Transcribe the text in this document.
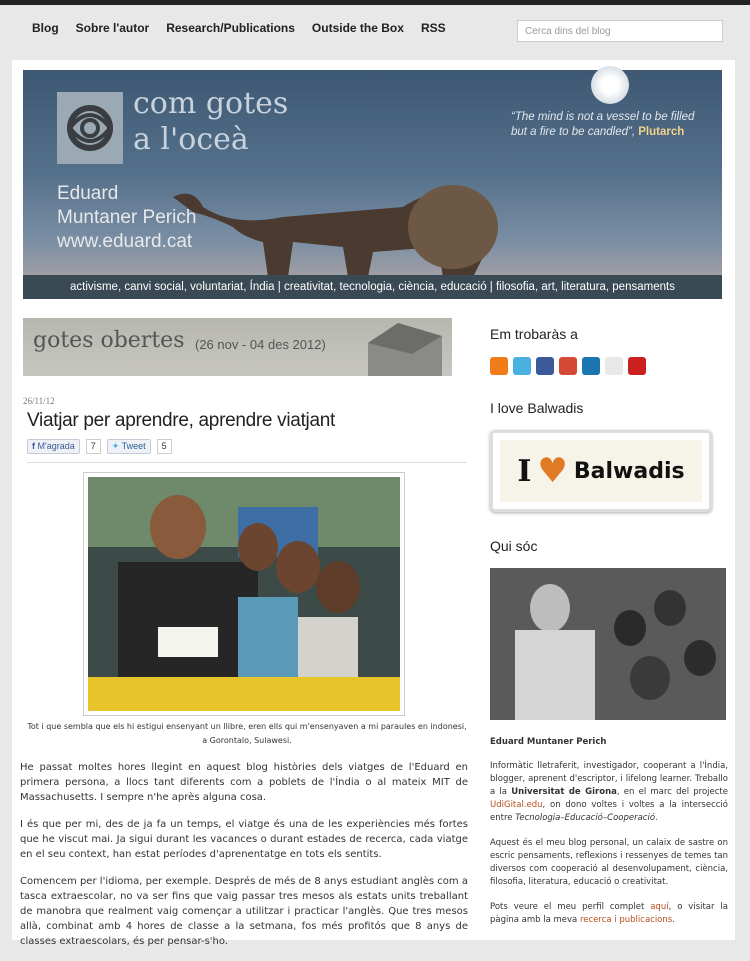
Blog Sobre l'autor Research/Publications Outside the Box RSS
Cerca dins del blog
com gotes
a l'oceà
Eduard
Muntaner Perich
www.eduard.cat
“The mind is not a vessel to be filled but a fire to be candled”, Plutarch
activisme, canvi social, voluntariat, Índia | creativitat, tecnologia, ciència, educació | filosofia, art, literatura, pensaments
gotes obertes (26 nov - 04 des 2012)
26/11/12
Viatjar per aprendre, aprendre viatjant
f M'agrada	7	✦ Tweet	5
Tot i que sembla que els hi estigui ensenyant un llibre, eren ells qui m'ensenyaven a mi paraules en indonesi, a Gorontalo, Sulawesi.

He passat moltes hores llegint en aquest blog històries dels viatges de l'Eduard en primera persona, a llocs tant diferents com a poblets de l'Índia o al mateix MIT de Massachusetts. I sempre n'he après alguna cosa.

I és que per mi, des de ja fa un temps, el viatge és una de les experiències més fortes que he viscut mai. Ja sigui durant les vacances o durant estades de recerca, cada viatge en el seu context, han estat períodes d'aprenentatge en tots els sentits.

Comencem per l'idioma, per exemple. Després de més de 8 anys estudiant anglès com a tasca extraescolar, no va ser fins que vaig passar tres mesos als estats units treballant de manobra que realment vaig començar a utilitzar i practicar l'anglès. Que tres mesos allà, combinat amb 4 hores de classe a la setmana, fos més profitós que 8 anys de classes extraescolars, és per pensar-s'ho.

Em trobaràs a
I love Balwadis
I ♥ Balwadis
Qui sóc
Eduard Muntaner Perich

Informàtic lletraferit, investigador, cooperant a l'Índia, blogger, aprenent d'escriptor, i lifelong learner. Treballo a la Universitat de Girona, en el marc del projecte UdiGital.edu, on dono voltes i voltes a la intersecció entre Tecnologia–Educació–Cooperació.

Aquest és el meu blog personal, un calaix de sastre on escric pensaments, reflexions i ressenyes de temes tan diversos com cooperació al desenvolupament, ciència, filosofia, literatura, educació o creativitat.

Pots veure el meu perfil complet aquí, o visitar la pàgina amb la meva recerca i publicacions.
